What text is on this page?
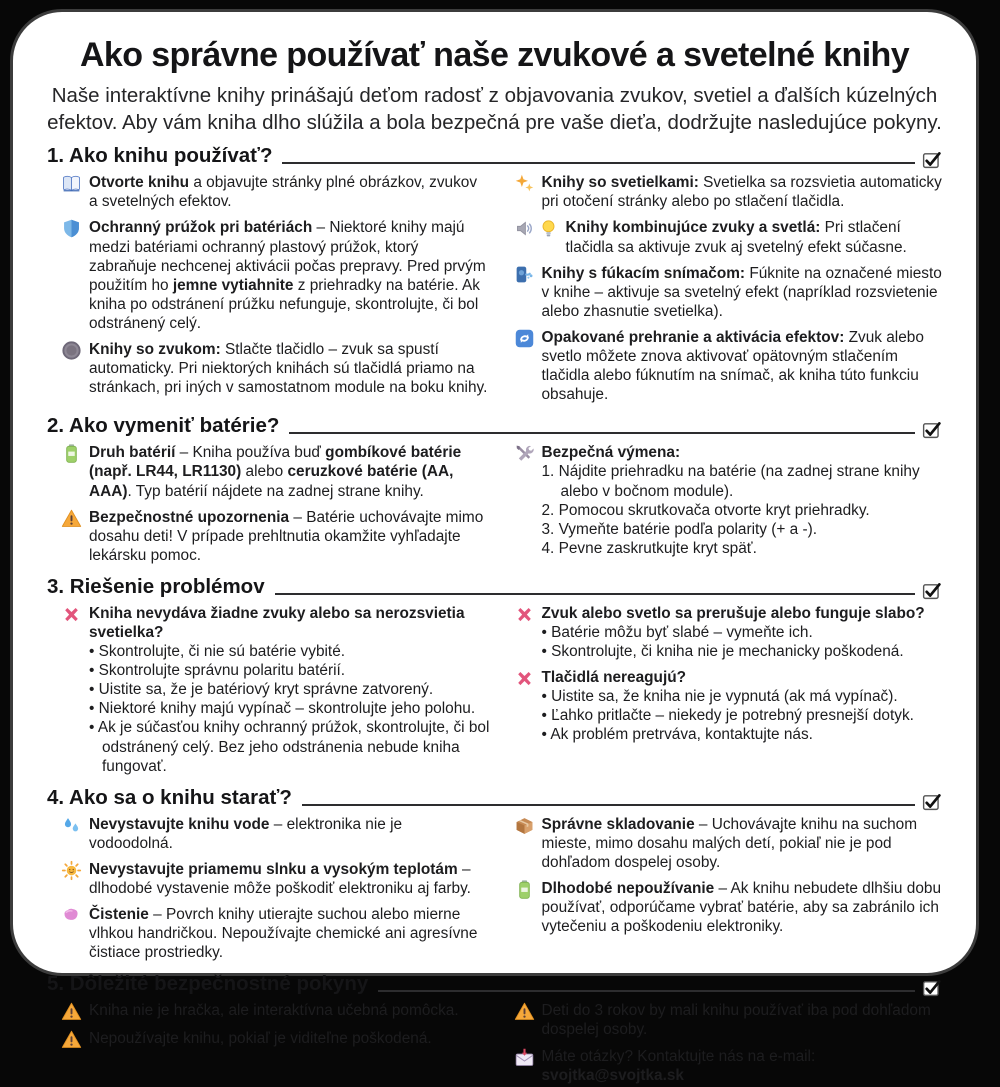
Ako správne používať naše zvukové a svetelné knihy
Naše interaktívne knihy prinášajú deťom radosť z objavovania zvukov, svetiel a ďalších kúzelných efektov. Aby vám kniha dlho slúžila a bola bezpečná pre vaše dieťa, dodržujte nasledujúce pokyny.
1. Ako knihu používať?
Otvorte knihu a objavujte stránky plné obrázkov, zvukov a svetelných efektov.
Ochranný prúžok pri batériách – Niektoré knihy majú medzi batériami ochranný plastový prúžok, ktorý zabraňuje nechcenej aktivácii počas prepravy. Pred prvým použitím ho jemne vytiahnite z priehradky na batérie. Ak kniha po odstránení prúžku nefunguje, skontrolujte, či bol odstránený celý.
Knihy so zvukom: Stlačte tlačidlo – zvuk sa spustí automaticky. Pri niektorých knihách sú tlačidlá priamo na stránkach, pri iných v samostatnom module na boku knihy.
Knihy so svetielkami: Svetielka sa rozsvietia automaticky pri otočení stránky alebo po stlačení tlačidla.
Knihy kombinujúce zvuky a svetlá: Pri stlačení tlačidla sa aktivuje zvuk aj svetelný efekt súčasne.
Knihy s fúkacím snímačom: Fúknite na označené miesto v knihe – aktivuje sa svetelný efekt (napríklad rozsvietenie alebo zhasnutie svetielka).
Opakované prehranie a aktivácia efektov: Zvuk alebo svetlo môžete znova aktivovať opätovným stlačením tlačidla alebo fúknutím na snímač, ak kniha túto funkciu obsahuje.
2. Ako vymeniť batérie?
Druh batérií – Kniha používa buď gombíkové batérie (např. LR44, LR1130) alebo ceruzkové batérie (AA, AAA). Typ batérií nájdete na zadnej strane knihy.
Bezpečnostné upozornenia – Batérie uchovávajte mimo dosahu deti! V prípade prehltnutia okamžite vyhľadajte lekársku pomoc.
Bezpečná výmena:
1. Nájdite priehradku na batérie (na zadnej strane knihy alebo v bočnom module).
2. Pomocou skrutkovača otvorte kryt priehradky.
3. Vymeňte batérie podľa polarity (+ a -).
4. Pevne zaskrutkujte kryt späť.
3. Riešenie problémov
Kniha nevydáva žiadne zvuky alebo sa nerozsvietia svetielka?
• Skontrolujte, či nie sú batérie vybité.
• Skontrolujte správnu polaritu batérií.
• Uistite sa, že je batériový kryt správne zatvorený.
• Niektoré knihy majú vypínač – skontrolujte jeho polohu.
• Ak je súčasťou knihy ochranný prúžok, skontrolujte, či bol odstránený celý. Bez jeho odstránenia nebude kniha fungovať.
Zvuk alebo svetlo sa prerušuje alebo funguje slabo?
• Batérie môžu byť slabé – vymeňte ich.
• Skontrolujte, či kniha nie je mechanicky poškodená.
Tlačidlá nereagujú?
• Uistite sa, že kniha nie je vypnutá (ak má vypínač).
• Ľahko pritlačte – niekedy je potrebný presnejší dotyk.
• Ak problém pretrváva, kontaktujte nás.
4. Ako sa o knihu starať?
Nevystavujte knihu vode – elektronika nie je vodoodolná.
Nevystavujte priamemu slnku a vysokým teplotám – dlhodobé vystavenie môže poškodiť elektroniku aj farby.
Čistenie – Povrch knihy utierajte suchou alebo mierne vlhkou handričkou. Nepoužívajte chemické ani agresívne čistiace prostriedky.
Správne skladovanie – Uchovávajte knihu na suchom mieste, mimo dosahu malých detí, pokiaľ nie je pod dohľadom dospelej osoby.
Dlhodobé nepoužívanie – Ak knihu nebudete dlhšiu dobu používať, odporúčame vybrať batérie, aby sa zabránilo ich vytečeniu a poškodeniu elektroniky.
5. Dôležité bezpečnostné pokyny
Kniha nie je hračka, ale interaktívna učebná pomôcka.
Nepoužívajte knihu, pokiaľ je viditeľne poškodená.
Deti do 3 rokov by mali knihu používať iba pod dohľadom dospelej osoby.
Máte otázky? Kontaktujte nás na e-mail: svojtka@svojtka.sk
